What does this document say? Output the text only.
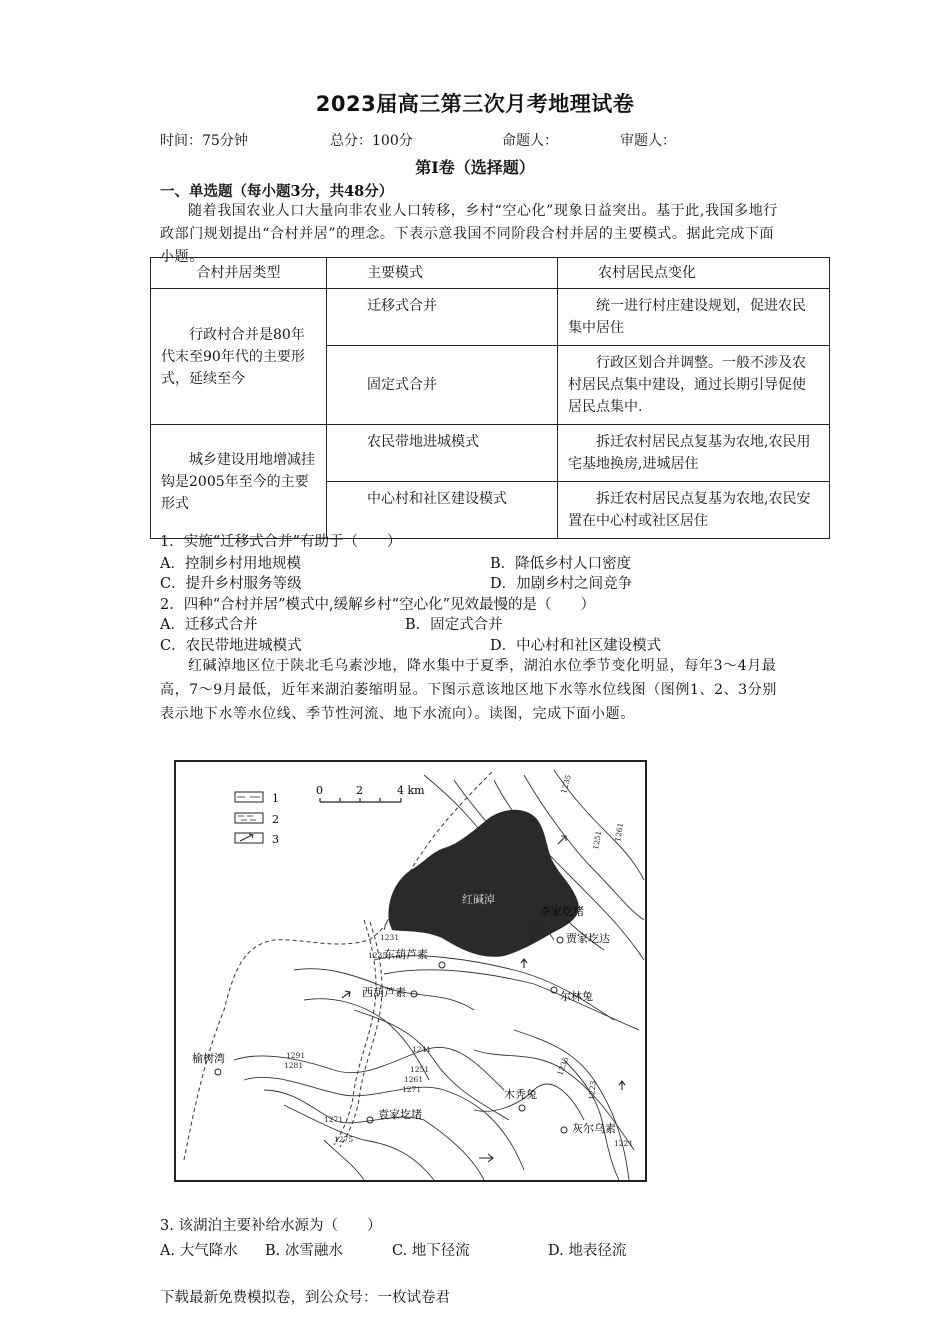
2023届高三第三次月考地理试卷
时间：75分钟	总分：100分	命题人：	审题人：
第Ⅰ卷（选择题）
一、单选题（每小题3分，共48分）
随着我国农业人口大量向非农业人口转移，乡村“空心化”现象日益突出。基于此,我国多地行政部门规划提出“合村并居”的理念。下表示意我国不同阶段合村并居的主要模式。据此完成下面小题。
合村并居类型	主要模式	农村居民点变化
行政村合并是80年代末至90年代的主要形式，延续至今	迁移式合并	统一进行村庄建设规划，促进农民集中居住
	固定式合并	行政区划合并调整。一般不涉及农村居民点集中建设，通过长期引导促使居民点集中.
城乡建设用地增减挂钩是2005年至今的主要形式	农民带地进城模式	拆迁农村居民点复基为农地,农民用宅基地换房,进城居住
	中心村和社区建设模式	拆迁农村居民点复基为农地,农民安置在中心村或社区居住
1．实施“迁移式合并”有助于（　　）
A．控制乡村用地规模	B．降低乡村人口密度
C．提升乡村服务等级	D．加剧乡村之间竞争
2．四种“合村并居”模式中,缓解乡村“空心化”见效最慢的是（　　）
A．迁移式合并	B．固定式合并
C．农民带地进城模式	D．中心村和社区建设模式
红碱淖地区位于陕北毛乌素沙地，降水集中于夏季，湖泊水位季节变化明显，每年3～4月最高，7～9月最低，近年来湖泊萎缩明显。下图示意该地区地下水等水位线图（图例1、2、3分别表示地下水等水位线、季节性河流、地下水流向）。读图，完成下面小题。
1
2
3
0	2	4 km
红碱淖
李家圪堵
贾家圪达
东葫芦素
西葫芦素	尔林兔
榆树湾
木秃兔
袁家圪堵
灰尔乌素
1235
1251 1261
1231
1235
1291
1281
1241
1251
1261
1271
1235
1223
1221
1271
1275
3. 该湖泊主要补给水源为（　　）
A. 大气降水 B. 冰雪融水	C. 地下径流	D. 地表径流
下载最新免费模拟卷，到公众号：一枚试卷君
